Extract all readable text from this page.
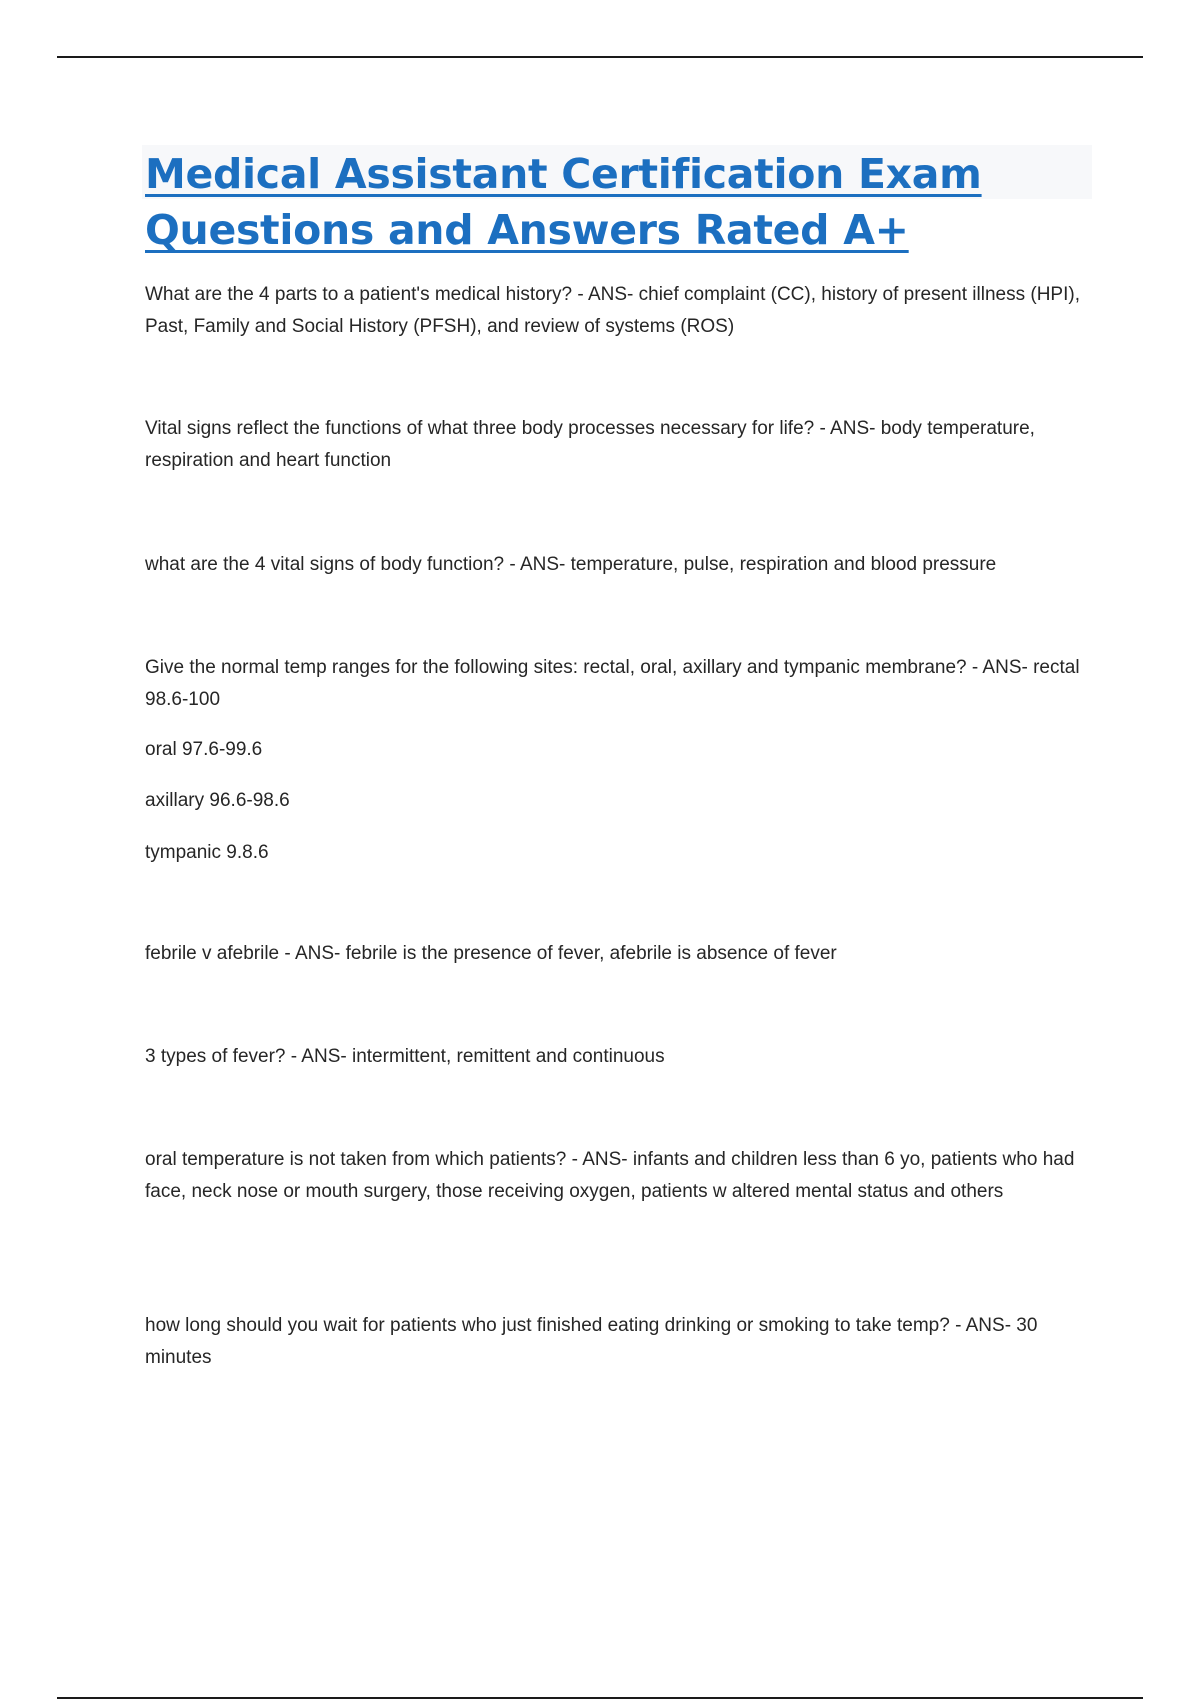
Medical Assistant Certification Exam
Questions and Answers Rated A+

What are the 4 parts to a patient's medical history? - ANS- chief complaint (CC), history of present illness (HPI), Past, Family and Social History (PFSH), and review of systems (ROS)

Vital signs reflect the functions of what three body processes necessary for life? - ANS- body temperature, respiration and heart function

what are the 4 vital signs of body function? - ANS- temperature, pulse, respiration and blood pressure

Give the normal temp ranges for the following sites: rectal, oral, axillary and tympanic membrane? - ANS- rectal 98.6-100

oral 97.6-99.6

axillary 96.6-98.6

tympanic 9.8.6

febrile v afebrile - ANS- febrile is the presence of fever, afebrile is absence of fever

3 types of fever? - ANS- intermittent, remittent and continuous

oral temperature is not taken from which patients? - ANS- infants and children less than 6 yo, patients who had face, neck nose or mouth surgery, those receiving oxygen, patients w altered mental status and others

how long should you wait for patients who just finished eating drinking or smoking to take temp? - ANS- 30 minutes
